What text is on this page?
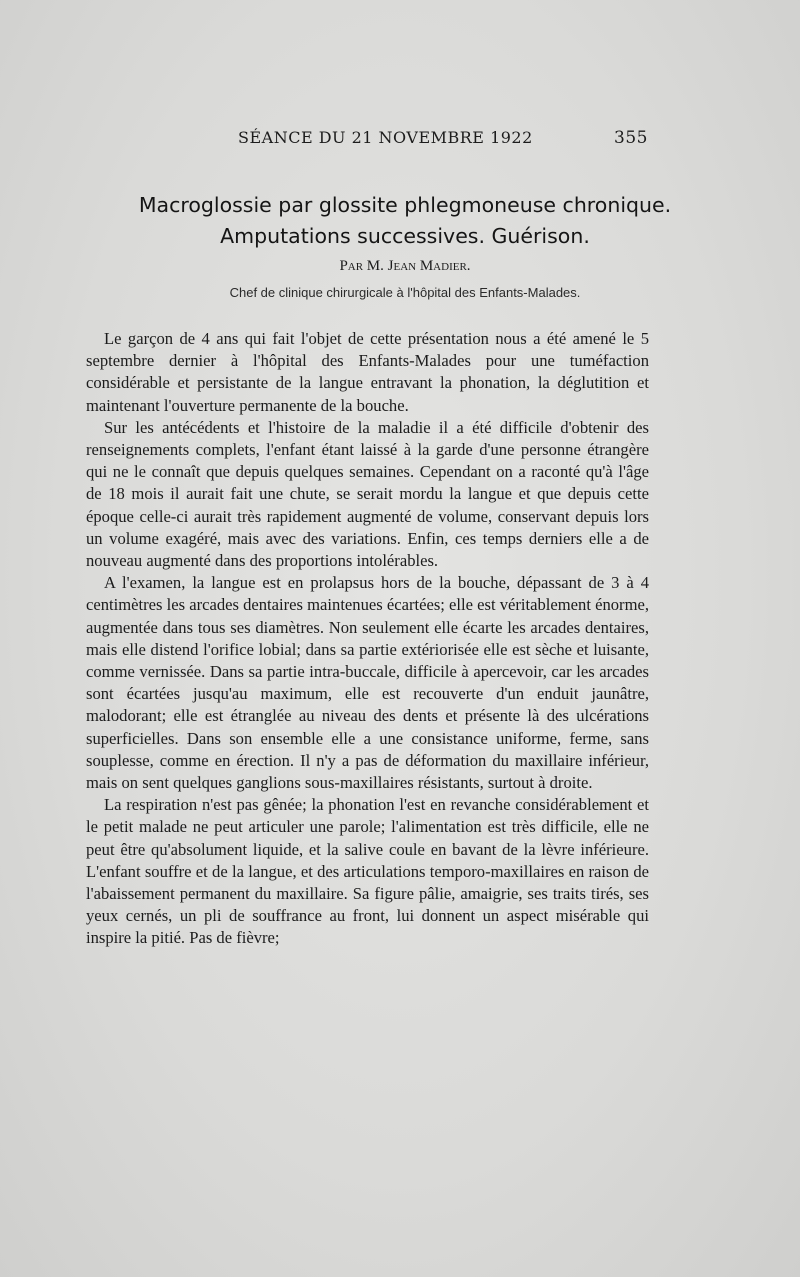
SÉANCE DU 21 NOVEMBRE 1922	355
Macroglossie par glossite phlegmoneuse chronique.
Amputations successives. Guérison.
Par M. Jean Madier.
Chef de clinique chirurgicale à l'hôpital des Enfants-Malades.

Le garçon de 4 ans qui fait l'objet de cette présentation nous a été amené le 5 septembre dernier à l'hôpital des Enfants-Malades pour une tuméfaction considérable et persistante de la langue entravant la phonation, la déglutition et maintenant l'ouverture permanente de la bouche.

Sur les antécédents et l'histoire de la maladie il a été difficile d'obtenir des renseignements complets, l'enfant étant laissé à la garde d'une personne étrangère qui ne le connaît que depuis quelques semaines. Cependant on a raconté qu'à l'âge de 18 mois il aurait fait une chute, se serait mordu la langue et que depuis cette époque celle-ci aurait très rapidement augmenté de volume, conservant depuis lors un volume exagéré, mais avec des variations. Enfin, ces temps derniers elle a de nouveau augmenté dans des proportions intolérables.

A l'examen, la langue est en prolapsus hors de la bouche, dépassant de 3 à 4 centimètres les arcades dentaires maintenues écartées; elle est véritablement énorme, augmentée dans tous ses diamètres. Non seulement elle écarte les arcades dentaires, mais elle distend l'orifice lobial; dans sa partie extériorisée elle est sèche et luisante, comme vernissée. Dans sa partie intra-buccale, difficile à apercevoir, car les arcades sont écartées jusqu'au maximum, elle est recouverte d'un enduit jaunâtre, malodorant; elle est étranglée au niveau des dents et présente là des ulcérations superficielles. Dans son ensemble elle a une consistance uniforme, ferme, sans souplesse, comme en érection. Il n'y a pas de déformation du maxillaire inférieur, mais on sent quelques ganglions sous-maxillaires résistants, surtout à droite.

La respiration n'est pas gênée; la phonation l'est en revanche considérablement et le petit malade ne peut articuler une parole; l'alimentation est très difficile, elle ne peut être qu'absolument liquide, et la salive coule en bavant de la lèvre inférieure. L'enfant souffre et de la langue, et des articulations temporo-maxillaires en raison de l'abaissement permanent du maxillaire. Sa figure pâlie, amaigrie, ses traits tirés, ses yeux cernés, un pli de souffrance au front, lui donnent un aspect misérable qui inspire la pitié. Pas de fièvre;
